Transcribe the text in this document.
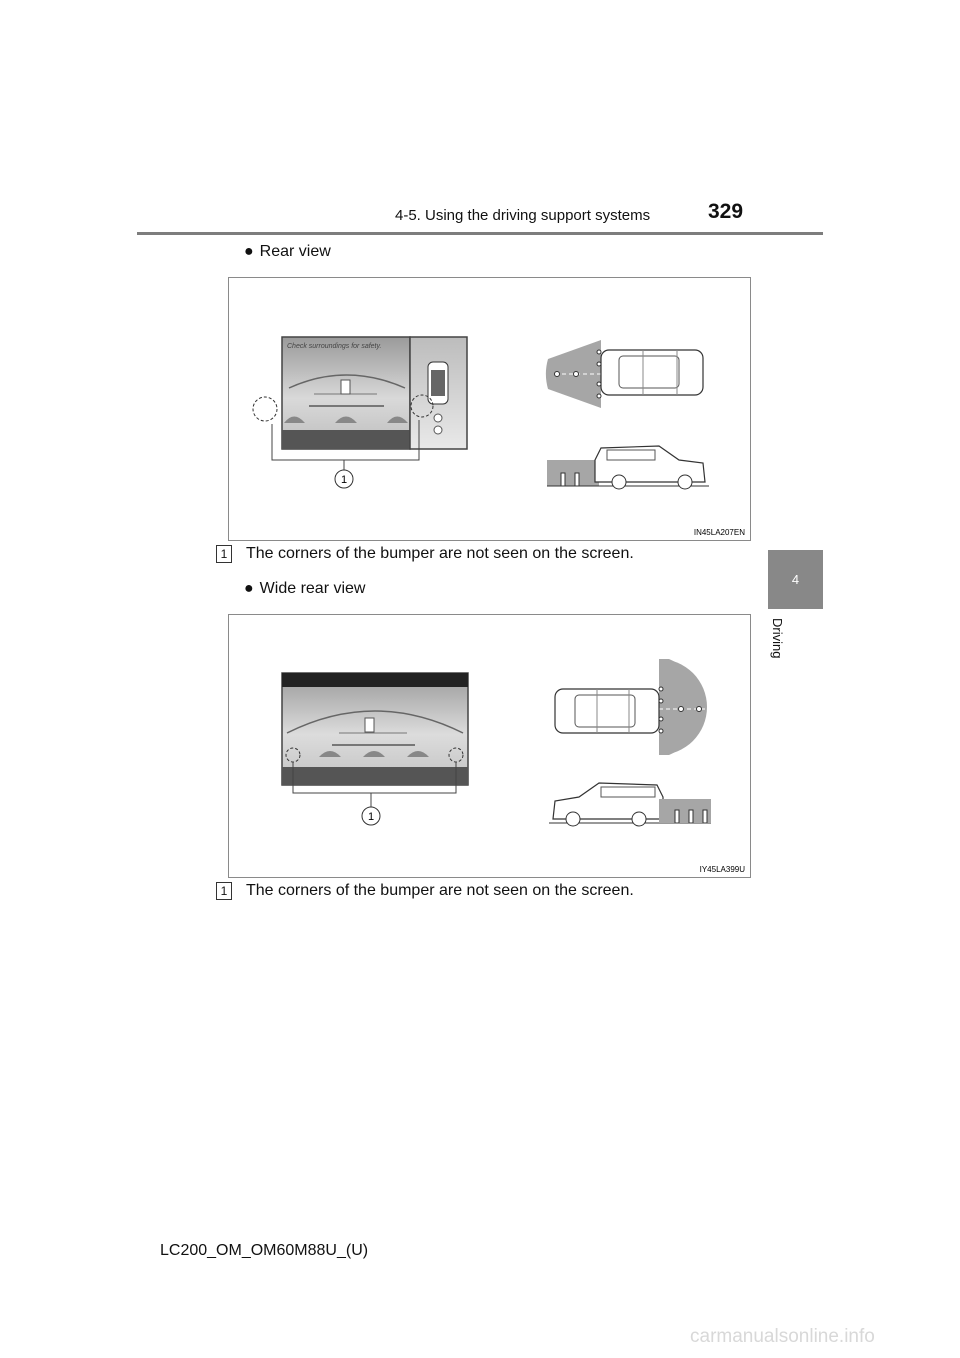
4-5. Using the driving support systems	329
4
Driving
● Rear view
Check surroundings for safety.
1
IN45LA207EN
1 The corners of the bumper are not seen on the screen.
● Wide rear view
1
IY45LA399U
1 The corners of the bumper are not seen on the screen.
LC200_OM_OM60M88U_(U)
carmanualsonline.info
